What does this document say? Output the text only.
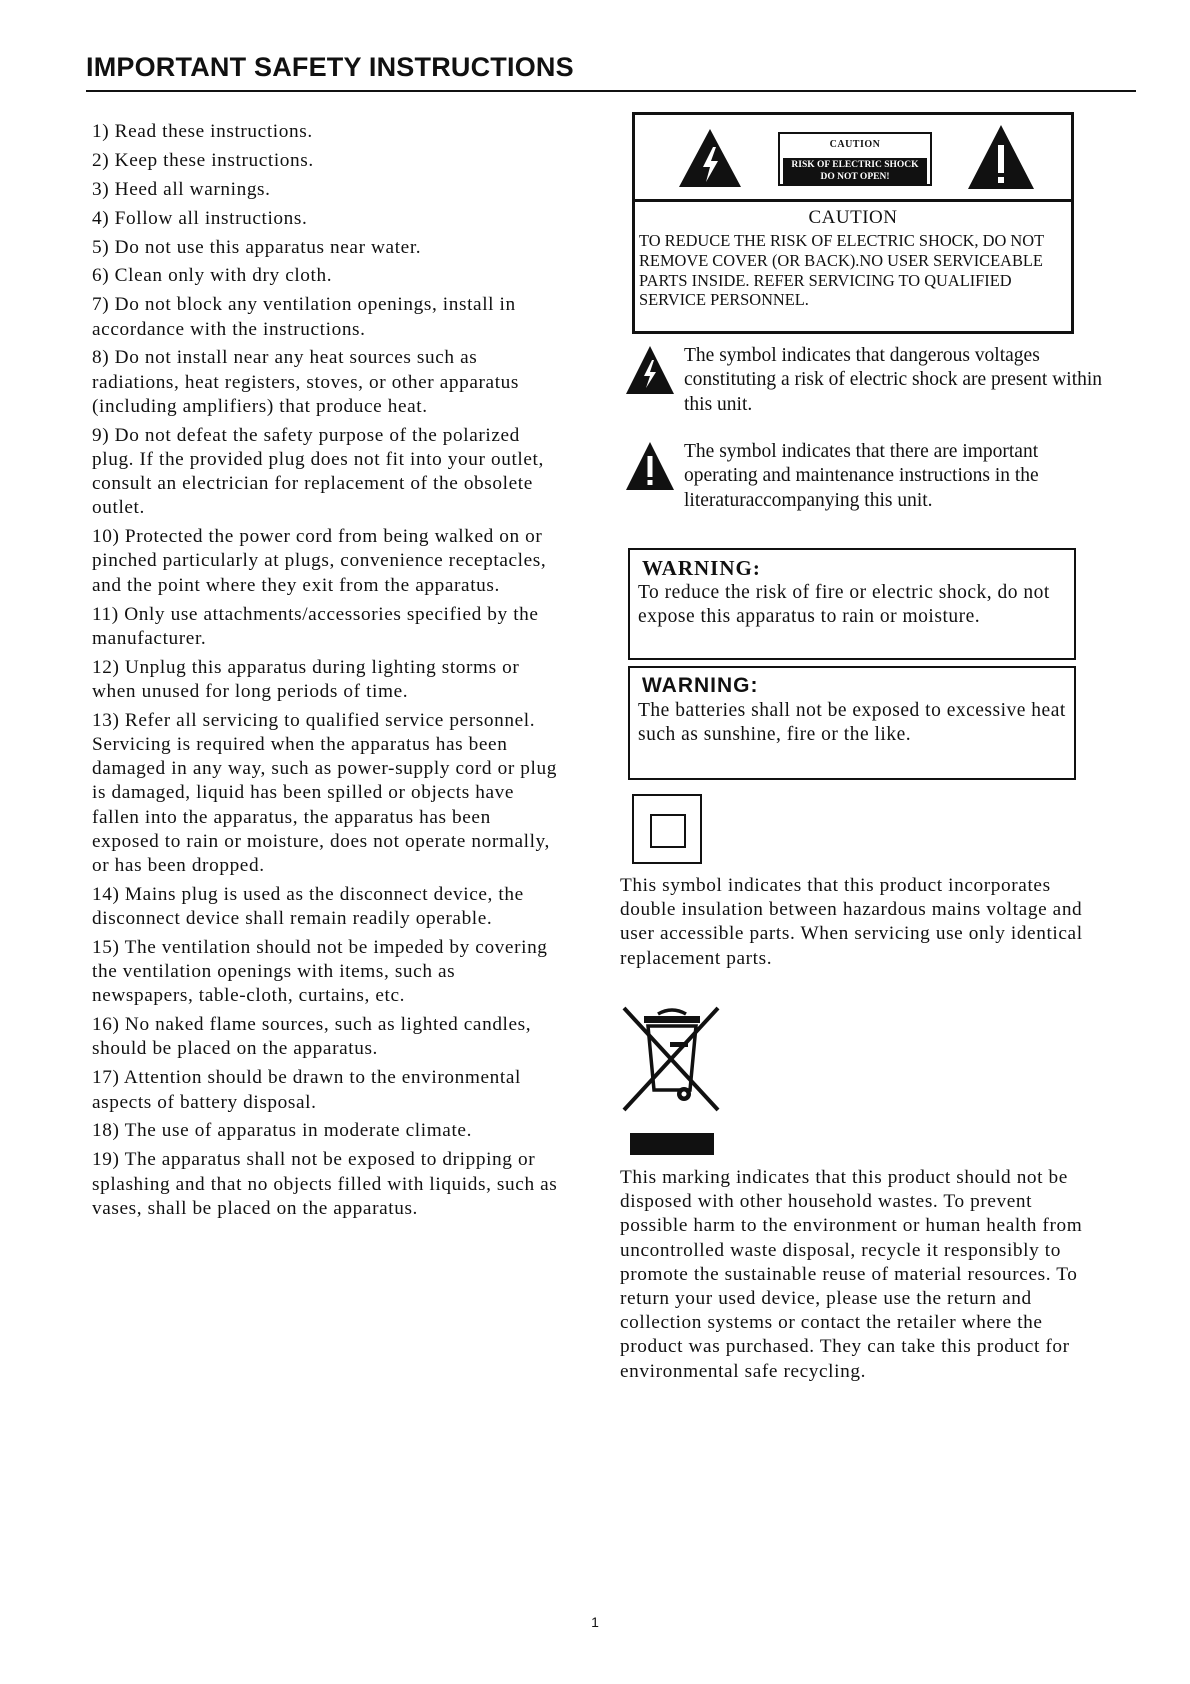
IMPORTANT SAFETY INSTRUCTIONS
1) Read these instructions.
2) Keep these instructions.
3) Heed all warnings.
4) Follow all instructions.
5) Do not use this apparatus near water.
6) Clean only with dry cloth.
7) Do not block any ventilation openings, install in accordance with the instructions.
8) Do not install near any heat sources such as radiations, heat registers, stoves, or other apparatus (including amplifiers) that produce heat.
9) Do not defeat the safety purpose of the polarized plug. If the provided plug does not fit into your outlet, consult an electrician for replacement of the obsolete outlet.
10) Protected the power cord from being walked on or pinched particularly at plugs, convenience receptacles, and the point where they exit from the apparatus.
11) Only use attachments/accessories specified by the manufacturer.
12) Unplug this apparatus during lighting storms or when unused for long periods of time.
13) Refer all servicing to qualified service personnel. Servicing is required when the apparatus has been damaged in any way, such as power-supply cord or plug is damaged, liquid has been spilled or objects have fallen into the apparatus, the apparatus has been exposed to rain or moisture, does not operate normally, or has been dropped.
14) Mains plug is used as the disconnect device, the disconnect device shall remain readily operable.
15) The ventilation should not be impeded by covering the ventilation openings with items, such as newspapers, table-cloth, curtains, etc.
16) No naked flame sources, such as lighted candles, should be placed on the apparatus.
17) Attention should be drawn to the environmental aspects of battery disposal.
18) The use of apparatus in moderate climate.
19) The apparatus shall not be exposed to dripping or splashing and that no objects filled with liquids, such as vases, shall be placed on the apparatus.
CAUTION
RISK OF ELECTRIC SHOCK
DO NOT OPEN!
CAUTION
TO REDUCE THE RISK OF ELECTRIC SHOCK, DO NOT REMOVE COVER (OR BACK).NO USER SERVICEABLE PARTS INSIDE. REFER SERVICING TO QUALIFIED SERVICE PERSONNEL.
The symbol indicates that dangerous voltages constituting a risk of electric shock are present within this unit.
The symbol indicates that there are important operating and maintenance instructions in the literaturaccompanying this unit.
WARNING:
To reduce the risk of fire or electric shock, do not expose this apparatus to rain or moisture.
WARNING:
The batteries shall not be exposed to excessive heat such as sunshine, fire or the like.
This symbol indicates that this product incorporates double insulation between hazardous mains voltage and user accessible parts. When servicing use only identical replacement parts.
This marking indicates that this product should not be disposed with other household wastes. To prevent possible harm to the environment or human health from uncontrolled waste disposal, recycle it responsibly to promote the sustainable reuse of material resources. To return your used device, please use the return and collection systems or contact the retailer where the product was purchased. They can take this product for environmental safe recycling.
1
